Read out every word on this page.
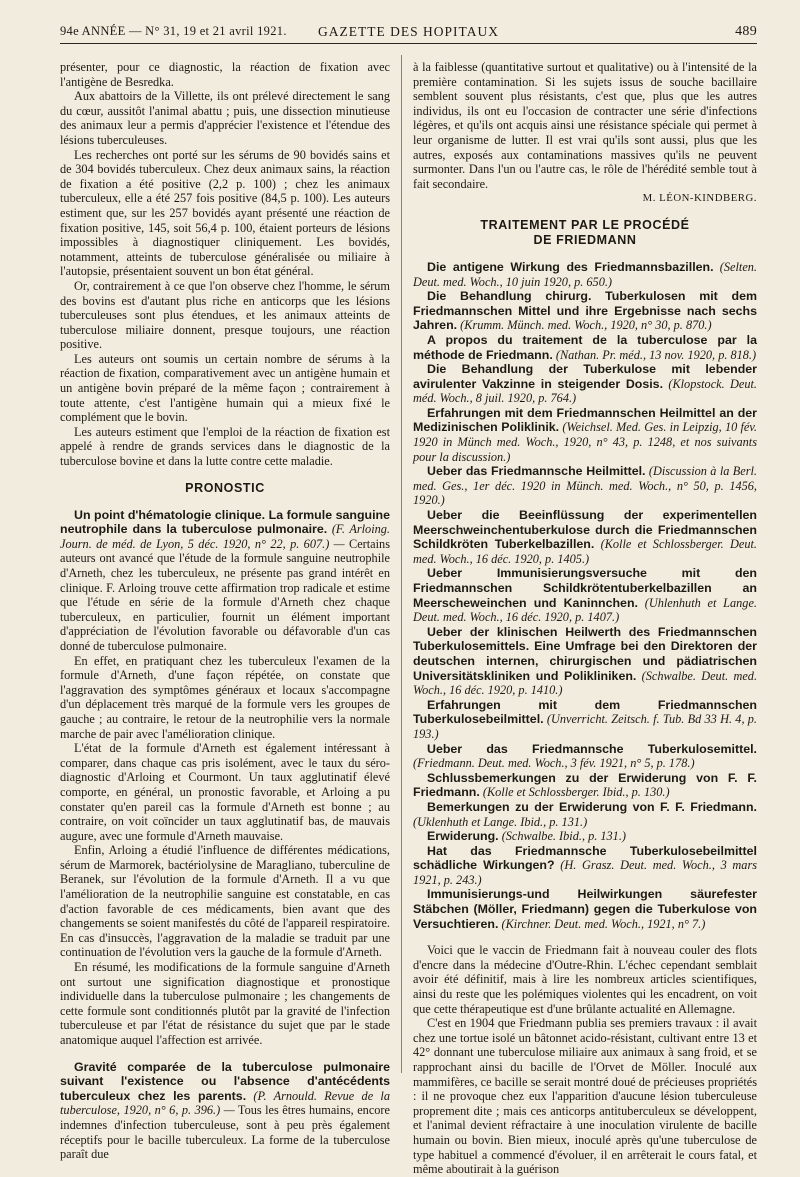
94e ANNÉE — N° 31, 19 et 21 avril 1921.	GAZETTE DES HOPITAUX	489

présenter, pour ce diagnostic, la réaction de fixation avec l'antigène de Besredka.

Aux abattoirs de la Villette, ils ont prélevé directement le sang du cœur, aussitôt l'animal abattu ; puis, une dissection minutieuse des animaux leur a permis d'apprécier l'existence et l'étendue des lésions tuberculeuses.

Les recherches ont porté sur les sérums de 90 bovidés sains et de 304 bovidés tuberculeux. Chez deux animaux sains, la réaction de fixation a été positive (2,2 p. 100) ; chez les animaux tuberculeux, elle a été 257 fois positive (84,5 p. 100). Les auteurs estiment que, sur les 257 bovidés ayant présenté une réaction de fixation positive, 145, soit 56,4 p. 100, étaient porteurs de lésions impossibles à diagnostiquer cliniquement. Les bovidés, notamment, atteints de tuberculose généralisée ou miliaire à l'autopsie, présentaient souvent un bon état général.

Or, contrairement à ce que l'on observe chez l'homme, le sérum des bovins est d'autant plus riche en anticorps que les lésions tuberculeuses sont plus étendues, et les animaux atteints de tuberculose miliaire donnent, presque toujours, une réaction positive.

Les auteurs ont soumis un certain nombre de sérums à la réaction de fixation, comparativement avec un antigène humain et un antigène bovin préparé de la même façon ; contrairement à toute attente, c'est l'antigène humain qui a mieux fixé le complément que le bovin.

Les auteurs estiment que l'emploi de la réaction de fixation est appelé à rendre de grands services dans le diagnostic de la tuberculose bovine et dans la lutte contre cette maladie.

PRONOSTIC

Un point d'hématologie clinique. La formule sanguine neutrophile dans la tuberculose pulmonaire. (F. Arloing. Journ. de méd. de Lyon, 5 déc. 1920, n° 22, p. 607.) — Certains auteurs ont avancé que l'étude de la formule sanguine neutrophile d'Arneth, chez les tuberculeux, ne présente pas grand intérêt en clinique. F. Arloing trouve cette affirmation trop radicale et estime que l'étude en série de la formule d'Arneth chez chaque tuberculeux, en particulier, fournit un élément important d'appréciation de l'évolution favorable ou défavorable d'un cas donné de tuberculose pulmonaire.

En effet, en pratiquant chez les tuberculeux l'examen de la formule d'Arneth, d'une façon répétée, on constate que l'aggravation des symptômes généraux et locaux s'accompagne d'un déplacement très marqué de la formule vers les groupes de gauche ; au contraire, le retour de la neutrophilie vers la normale marche de pair avec l'amélioration clinique.

L'état de la formule d'Arneth est également intéressant à comparer, dans chaque cas pris isolément, avec le taux du séro-diagnostic d'Arloing et Courmont. Un taux agglutinatif élevé comporte, en général, un pronostic favorable, et Arloing a pu constater qu'en pareil cas la formule d'Arneth est bonne ; au contraire, on voit coïncider un taux agglutinatif bas, de mauvais augure, avec une formule d'Arneth mauvaise.

Enfin, Arloing a étudié l'influence de différentes médications, sérum de Marmorek, bactériolysine de Maragliano, tuberculine de Beranek, sur l'évolution de la formule d'Arneth. Il a vu que l'amélioration de la neutrophilie sanguine est constatable, en cas d'action favorable de ces médicaments, bien avant que des changements se soient manifestés du côté de l'appareil respiratoire. En cas d'insuccès, l'aggravation de la maladie se traduit par une continuation de l'évolution vers la gauche de la formule d'Arneth.

En résumé, les modifications de la formule sanguine d'Arneth ont surtout une signification diagnostique et pronostique individuelle dans la tuberculose pulmonaire ; les changements de cette formule sont conditionnés plutôt par la gravité de l'infection tuberculeuse et par l'état de résistance du sujet que par le stade anatomique auquel l'affection est arrivée.

Gravité comparée de la tuberculose pulmonaire suivant l'existence ou l'absence d'antécédents tuberculeux chez les parents. (P. Arnould. Revue de la tuberculose, 1920, n° 6, p. 396.) — Tous les êtres humains, encore indemnes d'infection tuberculeuse, sont à peu près également réceptifs pour le bacille tuberculeux. La forme de la tuberculose paraît due

à la faiblesse (quantitative surtout et qualitative) ou à l'intensité de la première contamination. Si les sujets issus de souche bacillaire semblent souvent plus résistants, c'est que, plus que les autres individus, ils ont eu l'occasion de contracter une série d'infections légères, et qu'ils ont acquis ainsi une résistance spéciale qui permet à leur organisme de lutter. Il est vrai qu'ils sont aussi, plus que les autres, exposés aux contaminations massives qu'ils ne peuvent surmonter. Dans l'un ou l'autre cas, le rôle de l'hérédité semble tout à fait secondaire.

M. LÉON-KINDBERG.
TRAITEMENT PAR LE PROCÉDÉ
DE FRIEDMANN

Die antigene Wirkung des Friedmannsbazillen. (Selten. Deut. med. Woch., 10 juin 1920, p. 650.)

Die Behandlung chirurg. Tuberkulosen mit dem Friedmannschen Mittel und ihre Ergebnisse nach sechs Jahren. (Krumm. Münch. med. Woch., 1920, n° 30, p. 870.)

A propos du traitement de la tuberculose par la méthode de Friedmann. (Nathan. Pr. méd., 13 nov. 1920, p. 818.)

Die Behandlung der Tuberkulose mit lebender avirulenter Vakzinne in steigender Dosis. (Klopstock. Deut. méd. Woch., 8 juil. 1920, p. 764.)

Erfahrungen mit dem Friedmannschen Heilmittel an der Medizinischen Poliklinik. (Weichsel. Med. Ges. in Leipzig, 10 fév. 1920 in Münch med. Woch., 1920, n° 43, p. 1248, et nos suivants pour la discussion.)

Ueber das Friedmannsche Heilmittel. (Discussion à la Berl. med. Ges., 1er déc. 1920 in Münch. med. Woch., n° 50, p. 1456, 1920.)

Ueber die Beeinflüssung der experimentellen Meerschweinchentuberkulose durch die Friedmannschen Schildkröten Tuberkelbazillen. (Kolle et Schlossberger. Deut. med. Woch., 16 déc. 1920, p. 1405.)

Ueber Immunisierungsversuche mit den Friedmannschen Schildkrötentuberkelbazillen an Meerscheweinchen und Kaninnchen. (Uhlenhuth et Lange. Deut. med. Woch., 16 déc. 1920, p. 1407.)

Ueber der klinischen Heilwerth des Friedmannschen Tuberkulosemittels. Eine Umfrage bei den Direktoren der deutschen internen, chirurgischen und pädiatrischen Universitätskliniken und Polikliniken. (Schwalbe. Deut. med. Woch., 16 déc. 1920, p. 1410.)

Erfahrungen mit dem Friedmannschen Tuberkulosebeilmittel. (Unverricht. Zeitsch. f. Tub. Bd 33 H. 4, p. 193.)

Ueber das Friedmannsche Tuberkulosemittel. (Friedmann. Deut. med. Woch., 3 fév. 1921, n° 5, p. 178.)

Schlussbemerkungen zu der Erwiderung von F. F. Friedmann. (Kolle et Schlossberger. Ibid., p. 130.)

Bemerkungen zu der Erwiderung von F. F. Friedmann. (Uklenhuth et Lange. Ibid., p. 131.)

Erwiderung. (Schwalbe. Ibid., p. 131.)

Hat das Friedmannsche Tuberkulosebeilmittel schädliche Wirkungen? (H. Grasz. Deut. med. Woch., 3 mars 1921, p. 243.)

Immunisierungs-und Heilwirkungen säurefester Stäbchen (Möller, Friedmann) gegen die Tuberkulose von Versuchtieren. (Kirchner. Deut. med. Woch., 1921, n° 7.)

Voici que le vaccin de Friedmann fait à nouveau couler des flots d'encre dans la médecine d'Outre-Rhin. L'échec cependant semblait avoir été définitif, mais à lire les nombreux articles scientifiques, ainsi du reste que les polémiques violentes qui les encadrent, on voit que cette thérapeutique est d'une brûlante actualité en Allemagne.

C'est en 1904 que Friedmann publia ses premiers travaux : il avait chez une tortue isolé un bâtonnet acido-résistant, cultivant entre 13 et 42° donnant une tuberculose miliaire aux animaux à sang froid, et se rapprochant ainsi du bacille de l'Orvet de Möller. Inoculé aux mammifères, ce bacille se serait montré doué de précieuses propriétés : il ne provoque chez eux l'apparition d'aucune lésion tuberculeuse proprement dite ; mais ces anticorps antituberculeux se développent, et l'animal devient réfractaire à une inoculation virulente de bacille humain ou bovin. Bien mieux, inoculé après qu'une tuberculose de type habituel a commencé d'évoluer, il en arrêterait le cours fatal, et même aboutirait à la guérison
